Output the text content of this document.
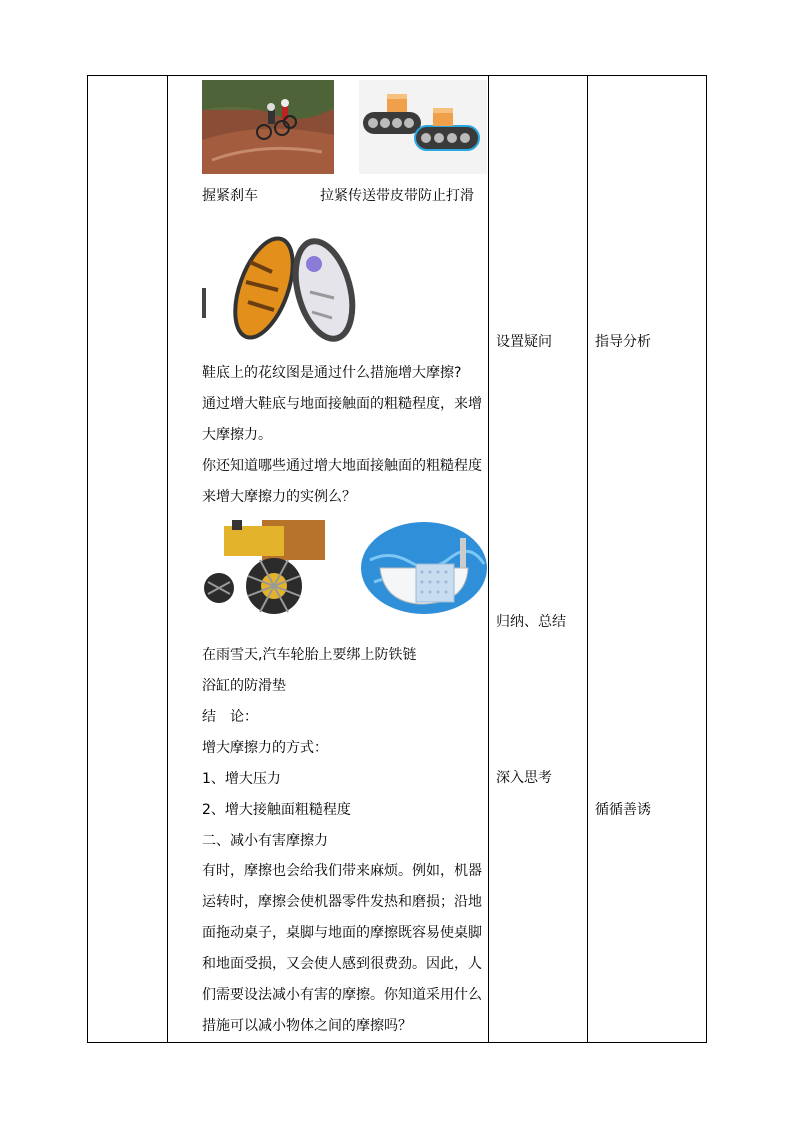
握紧刹车	拉紧传送带皮带防止打滑
鞋底上的花纹图是通过什么措施增大摩擦?
通过增大鞋底与地面接触面的粗糙程度，来增大摩擦力。
你还知道哪些通过增大地面接触面的粗糙程度来增大摩擦力的实例么？
在雨雪天,汽车轮胎上要绑上防铁链
浴缸的防滑垫
结　论：
增大摩擦力的方式：
1、增大压力
2、增大接触面粗糙程度
二、减小有害摩擦力
有时，摩擦也会给我们带来麻烦。例如，机器运转时，摩擦会使机器零件发热和磨损；沿地面拖动桌子，桌脚与地面的摩擦既容易使桌脚和地面受损，又会使人感到很费劲。因此，人们需要设法减小有害的摩擦。你知道采用什么措施可以减小物体之间的摩擦吗？
设置疑问
归纳、总结
深入思考
指导分析
循循善诱
